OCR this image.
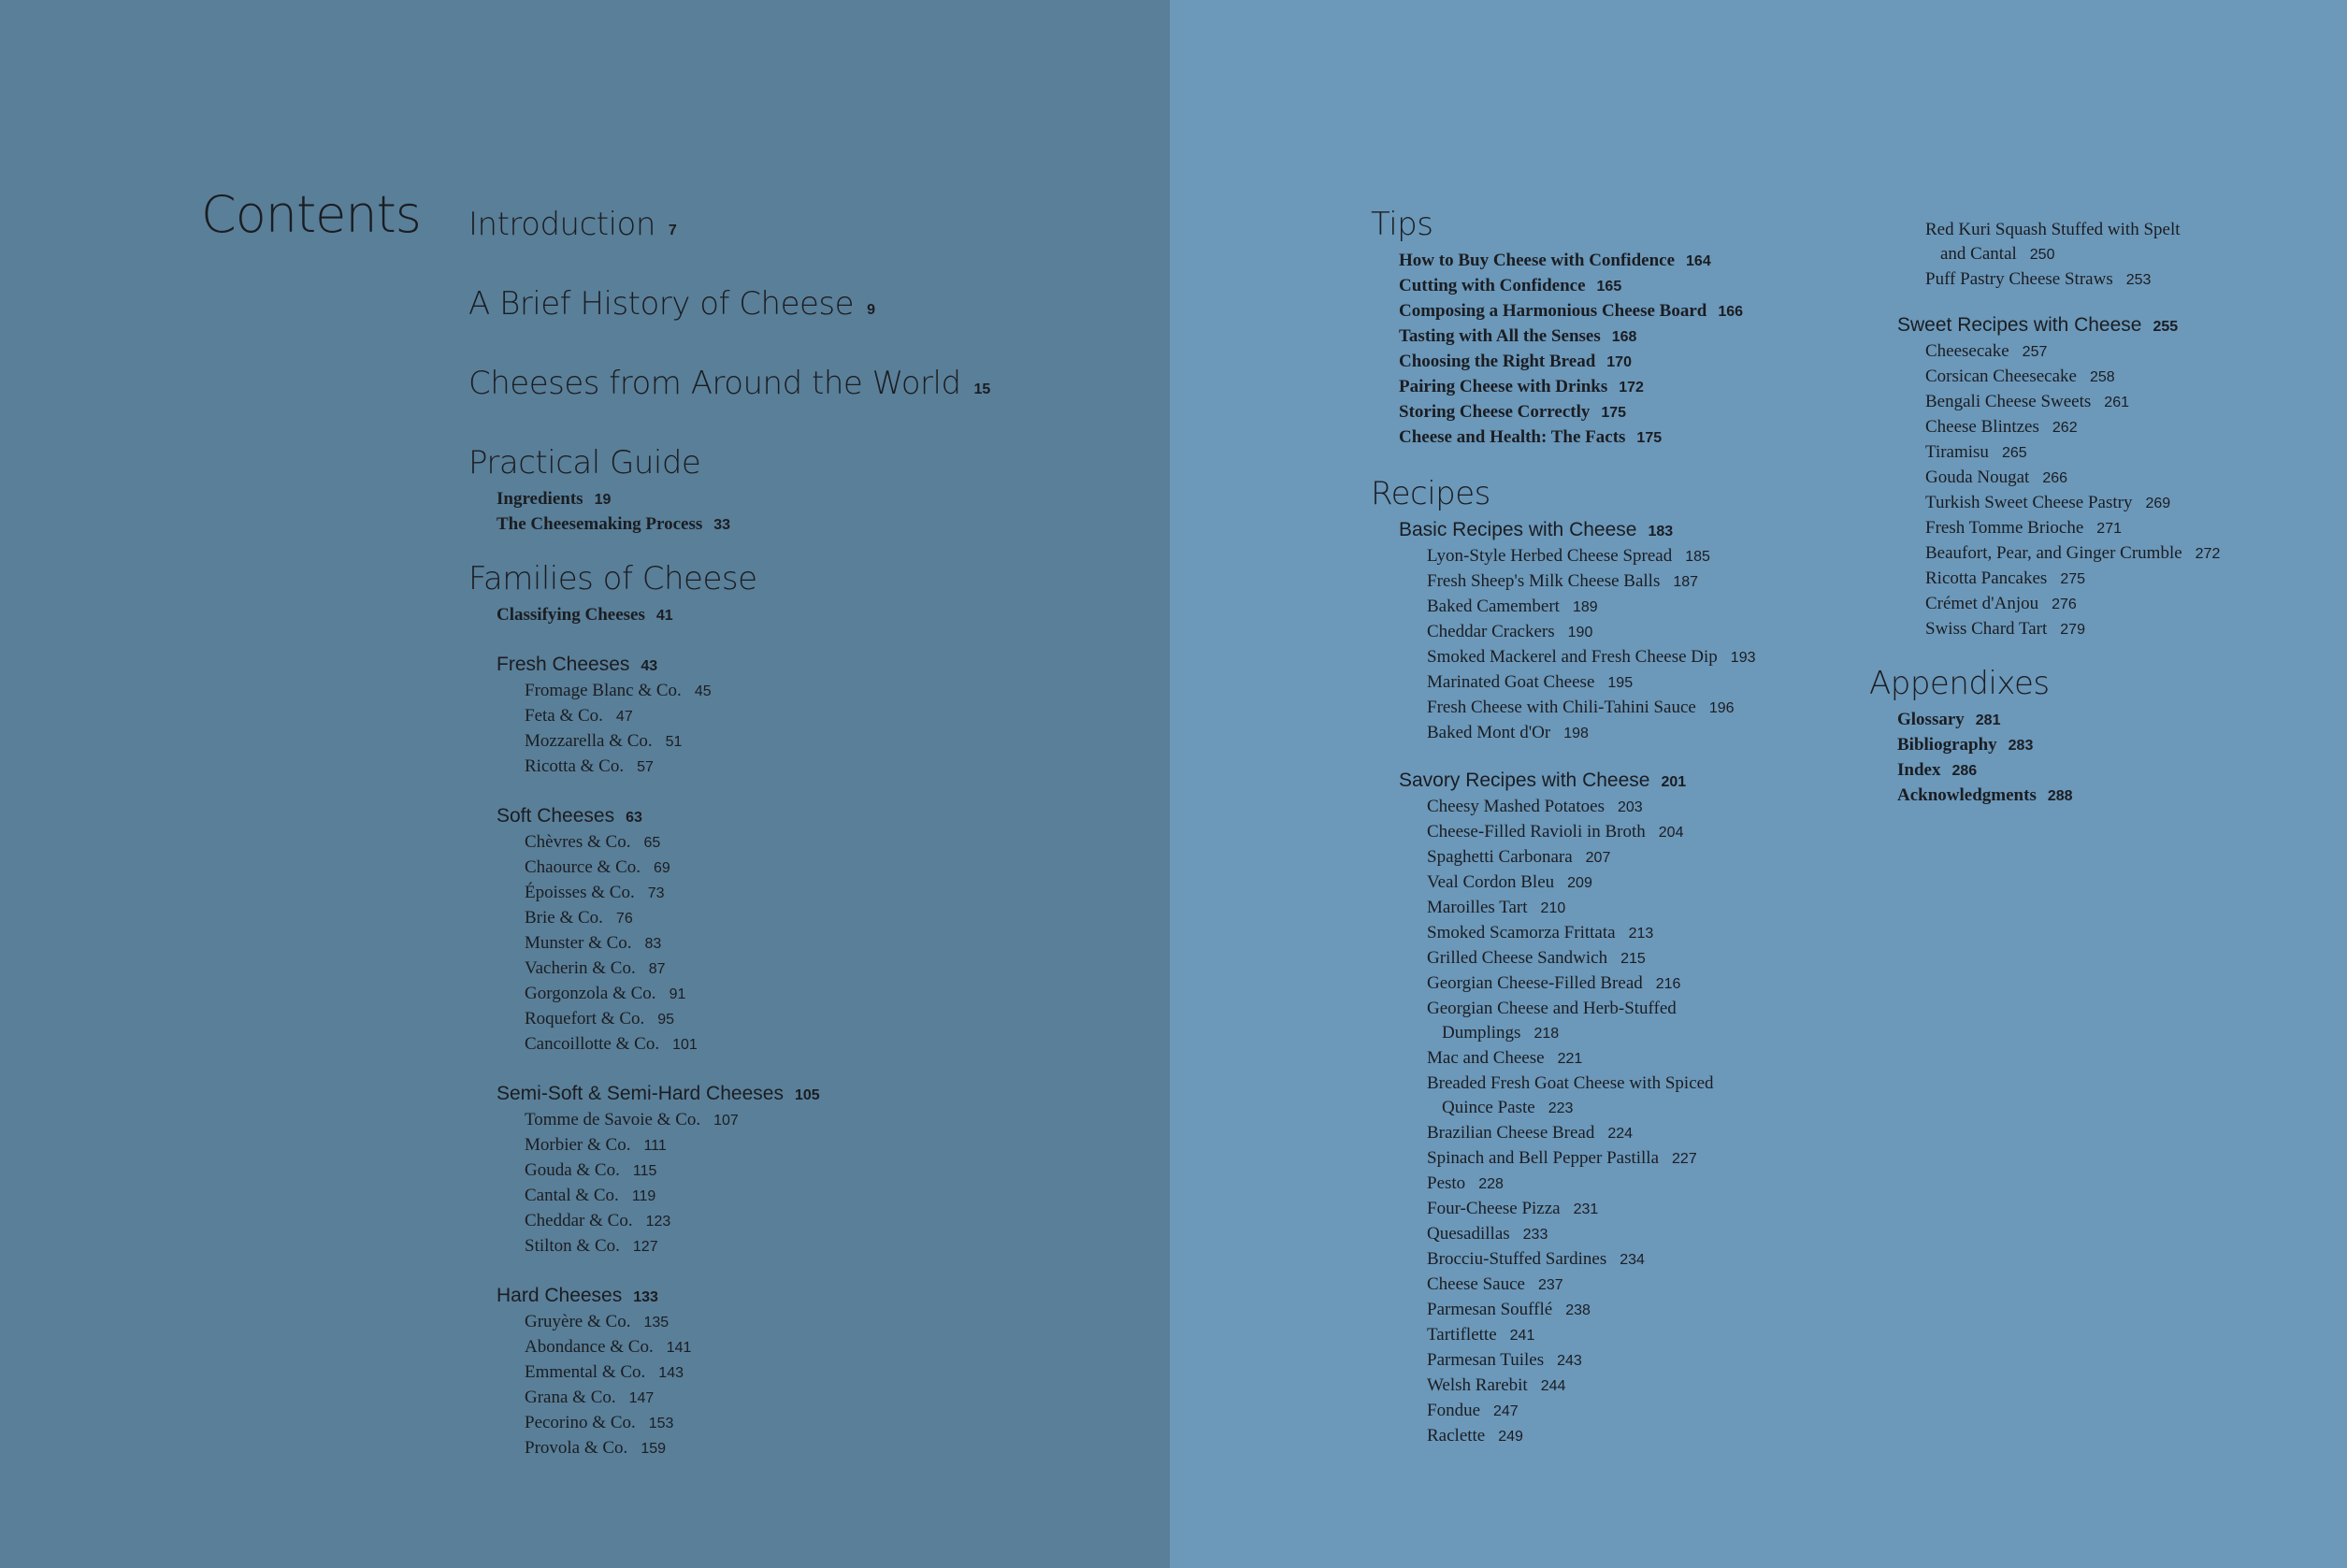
Contents Introduction 7
A Brief History of Cheese 9
Cheeses from Around the World 15
Practical Guide
Ingredients 19
The Cheesemaking Process 33
Families of Cheese
Classifying Cheeses 41
Fresh Cheeses 43
Fromage Blanc & Co. 45
Feta & Co. 47
Mozzarella & Co. 51
Ricotta & Co. 57
Soft Cheeses 63
Chèvres & Co. 65
Chaource & Co. 69
Époisses & Co. 73
Brie & Co. 76
Munster & Co. 83
Vacherin & Co. 87
Gorgonzola & Co. 91
Roquefort & Co. 95
Cancoillotte & Co. 101
Semi-Soft & Semi-Hard Cheeses 105
Tomme de Savoie & Co. 107
Morbier & Co. 111
Gouda & Co. 115
Cantal & Co. 119
Cheddar & Co. 123
Stilton & Co. 127
Hard Cheeses 133
Gruyère & Co. 135
Abondance & Co. 141
Emmental & Co. 143
Grana & Co. 147
Pecorino & Co. 153
Provola & Co. 159
Tips
How to Buy Cheese with Confidence 164
Cutting with Confidence 165
Composing a Harmonious Cheese Board 166
Tasting with All the Senses 168
Choosing the Right Bread 170
Pairing Cheese with Drinks 172
Storing Cheese Correctly 175
Cheese and Health: The Facts 175
Recipes
Basic Recipes with Cheese 183
Lyon-Style Herbed Cheese Spread 185
Fresh Sheep's Milk Cheese Balls 187
Baked Camembert 189
Cheddar Crackers 190
Smoked Mackerel and Fresh Cheese Dip 193
Marinated Goat Cheese 195
Fresh Cheese with Chili-Tahini Sauce 196
Baked Mont d'Or 198
Savory Recipes with Cheese 201
Cheesy Mashed Potatoes 203
Cheese-Filled Ravioli in Broth 204
Spaghetti Carbonara 207
Veal Cordon Bleu 209
Maroilles Tart 210
Smoked Scamorza Frittata 213
Grilled Cheese Sandwich 215
Georgian Cheese-Filled Bread 216
Georgian Cheese and Herb-Stuffed
Dumplings 218
Mac and Cheese 221
Breaded Fresh Goat Cheese with Spiced
Quince Paste 223
Brazilian Cheese Bread 224
Spinach and Bell Pepper Pastilla 227
Pesto 228
Four-Cheese Pizza 231
Quesadillas 233
Brocciu-Stuffed Sardines 234
Cheese Sauce 237
Parmesan Soufflé 238
Tartiflette 241
Parmesan Tuiles 243
Welsh Rarebit 244
Fondue 247
Raclette 249
Red Kuri Squash Stuffed with Spelt
and Cantal 250
Puff Pastry Cheese Straws 253
Sweet Recipes with Cheese 255
Cheesecake 257
Corsican Cheesecake 258
Bengali Cheese Sweets 261
Cheese Blintzes 262
Tiramisu 265
Gouda Nougat 266
Turkish Sweet Cheese Pastry 269
Fresh Tomme Brioche 271
Beaufort, Pear, and Ginger Crumble 272
Ricotta Pancakes 275
Crémet d'Anjou 276
Swiss Chard Tart 279
Appendixes
Glossary 281
Bibliography 283
Index 286
Acknowledgments 288
